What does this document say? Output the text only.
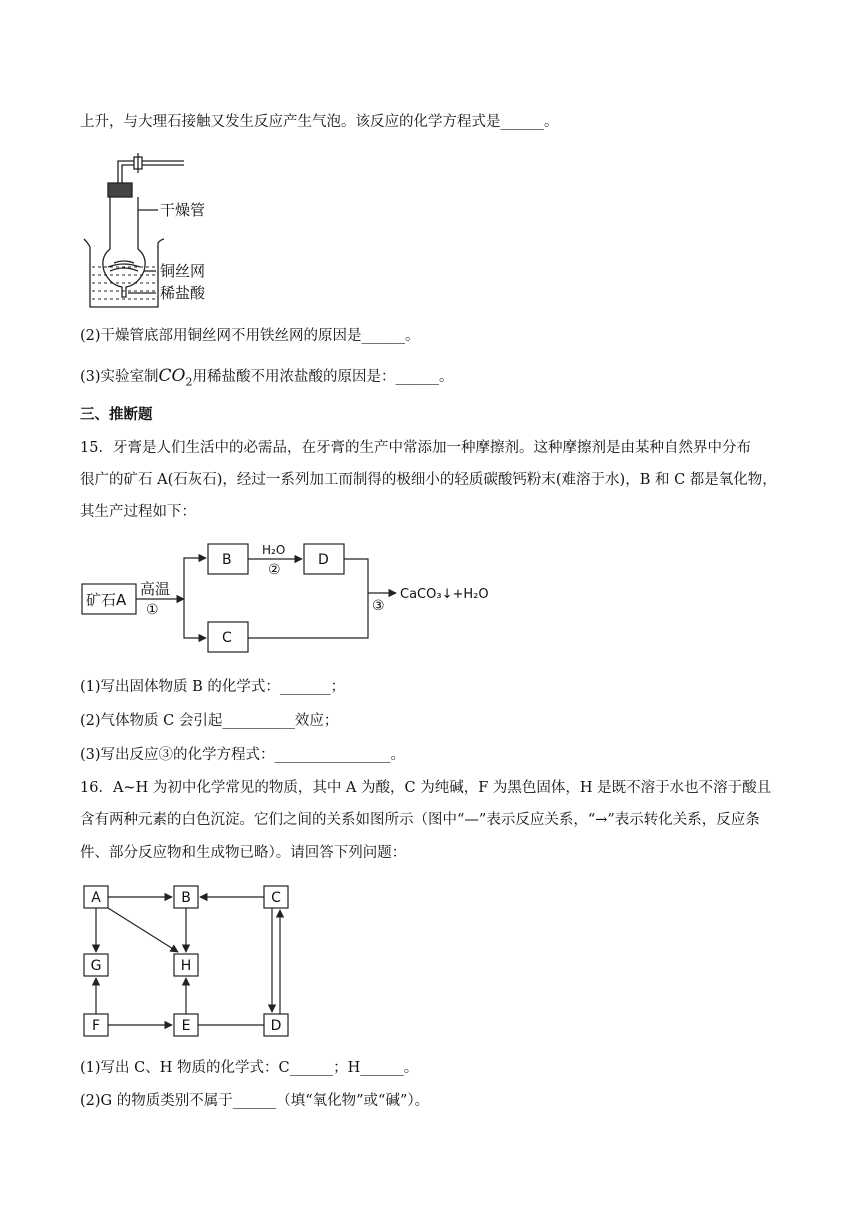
上升，与大理石接触又发生反应产生气泡。该反应的化学方程式是______。
干燥管
铜丝网
稀盐酸
(2)干燥管底部用铜丝网不用铁丝网的原因是______。
(3)实验室制$CO_2$用稀盐酸不用浓盐酸的原因是：______。
三、推断题
15．牙膏是人们生活中的必需品，在牙膏的生产中常添加一种摩擦剂。这种摩擦剂是由某种自然界中分布
很广的矿石 A(石灰石)，经过一系列加工而制得的极细小的轻质碳酸钙粉末(难溶于水)，B 和 C 都是氧化物，
其生产过程如下：
矿石A
高温
①
B
H₂O
②
D
C
③
CaCO₃↓+H₂O
(1)写出固体物质 B 的化学式：_______；
(2)气体物质 C 会引起__________效应；
(3)写出反应③的化学方程式：________________。
16．A~H 为初中化学常见的物质，其中 A 为酸，C 为纯碱，F 为黑色固体，H 是既不溶于水也不溶于酸且
含有两种元素的白色沉淀。它们之间的关系如图所示（图中“—”表示反应关系，“→”表示转化关系，反应条
件、部分反应物和生成物已略）。请回答下列问题：
A	B	C
G	H
F	E	D
(1)写出 C、H 物质的化学式：C______；H______。
(2)G 的物质类别不属于______（填“氧化物”或“碱”）。
